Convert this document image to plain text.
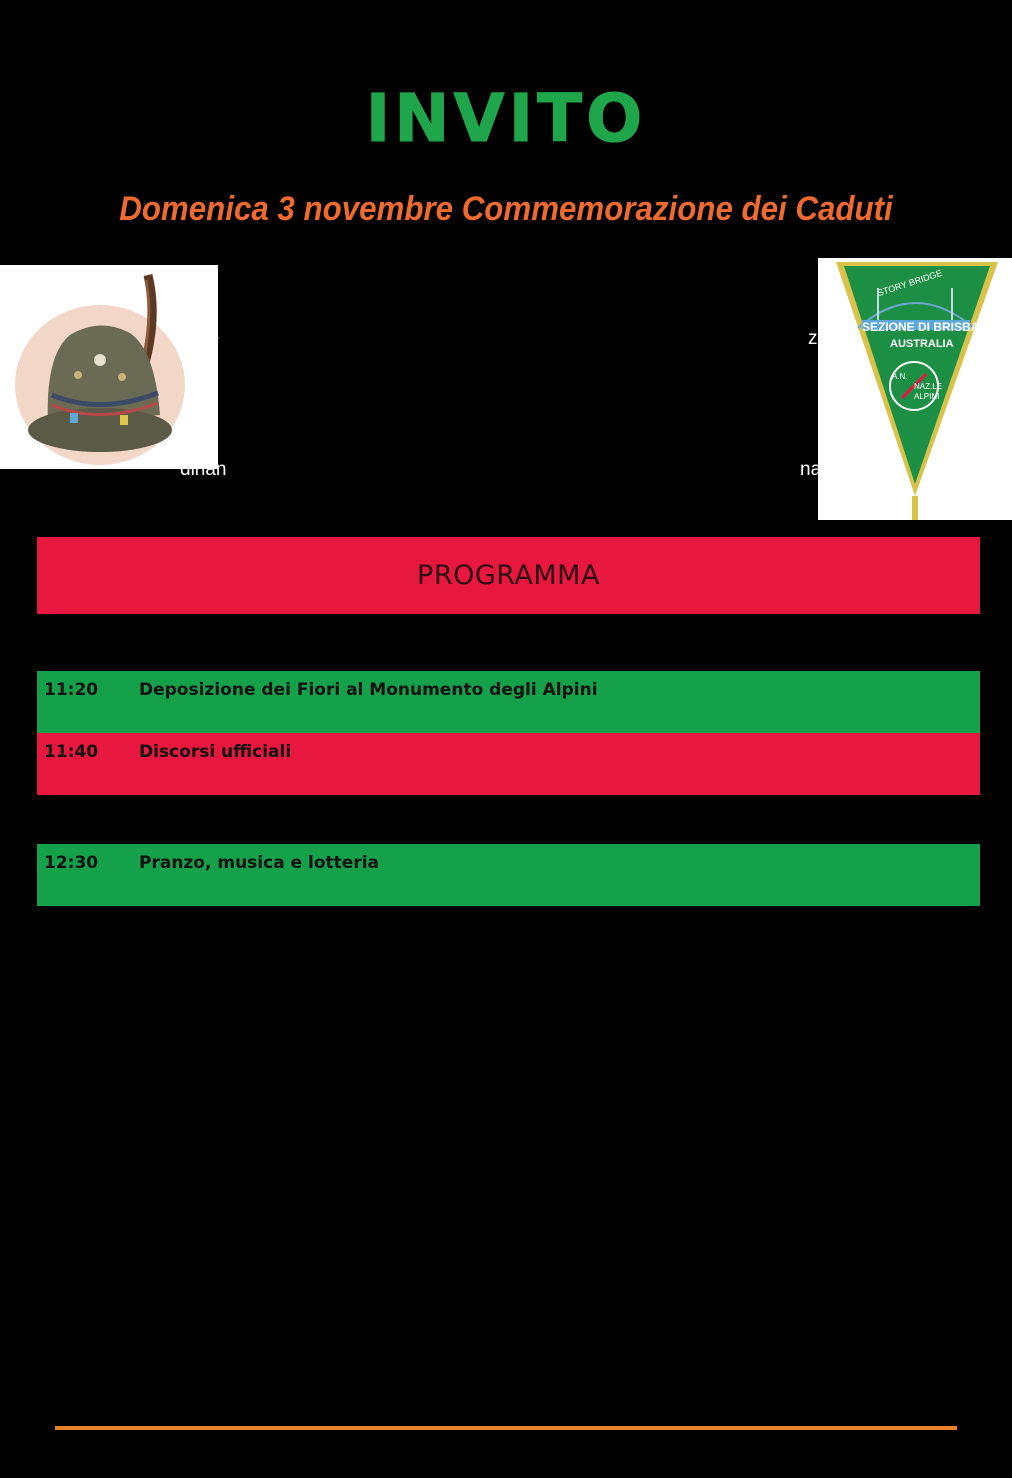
INVITO
Domenica 3 novembre Commemorazione dei Caduti
STORY BRIDGE
SEZIONE DI BRISBANE
AUSTRALIA
A.N.
NAZ.LE
ALPINI
la Fe	zio
dinan	na,
PROGRAMMA
11:20 Deposizione dei Fiori al Monumento degli Alpini
11:40 Discorsi ufficiali
12:30 Pranzo, musica e lotteria
